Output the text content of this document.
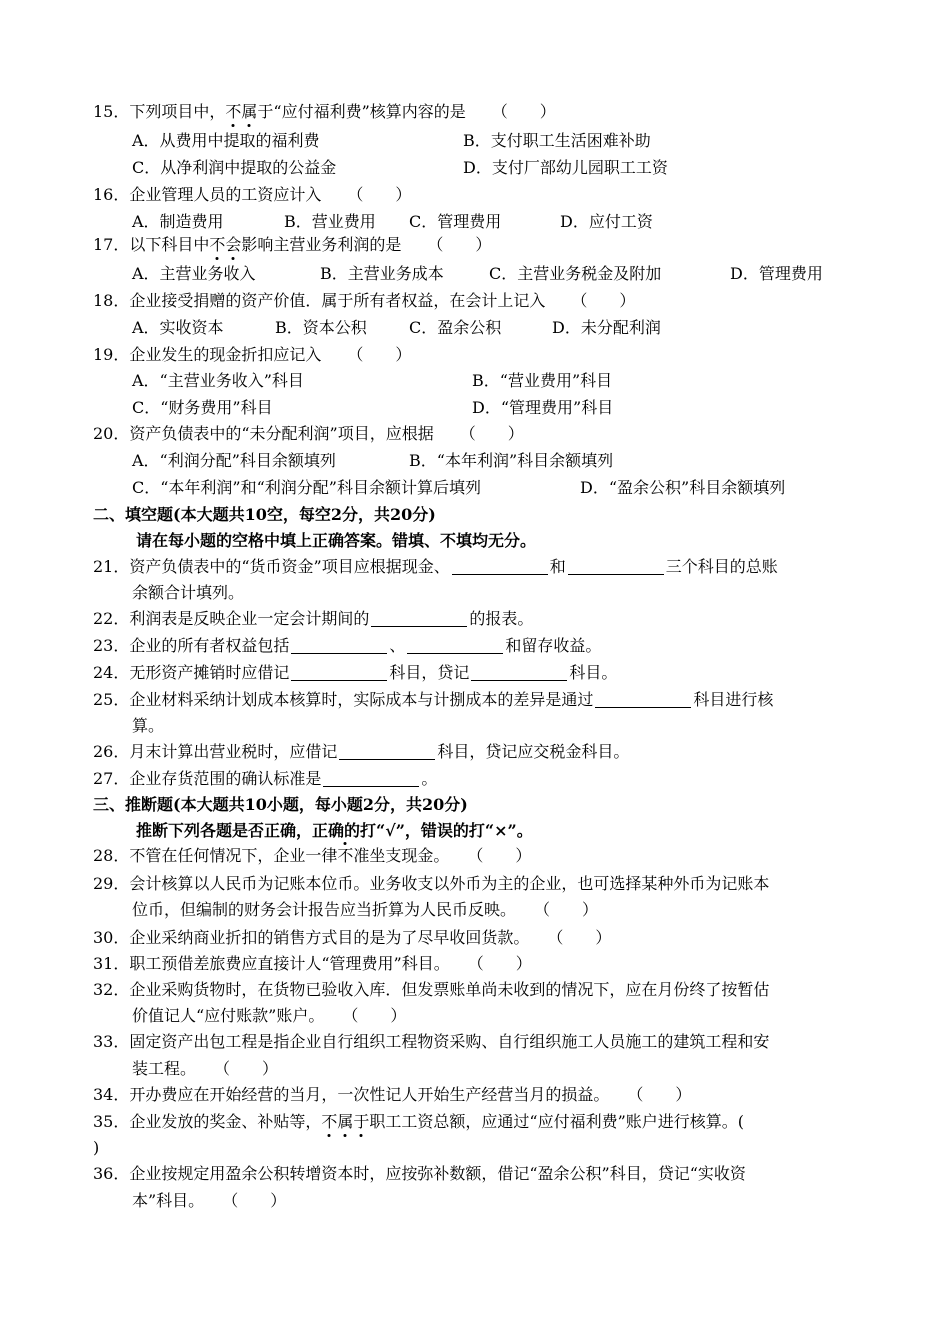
15．下列项目中，不属于“应付福利费”核算内容的是 （　　）
A．从费用中提取的福利费	B．支付职工生活困难补助
C．从净利润中提取的公益金	D．支付厂部幼儿园职工工资
16．企业管理人员的工资应计入 （　　）
A．制造费用	B．营业费用 C．管理费用	D．应付工资
17．以下科目中不会影响主营业务利润的是 （　　）
A．主营业务收入	B．主营业务成本	C．主营业务税金及附加	D．管理费用
18．企业接受捐赠的资产价值．属于所有者权益，在会计上记入 （　　）
A．实收资本	B．资本公积	C．盈余公积	D．未分配利润
19．企业发生的现金折扣应记入 （　　）
A．“主营业务收入”科目	B．“营业费用”科目
C．“财务费用”科目	D．“管理费用”科目
20．资产负债表中的“未分配利润”项目，应根据 （　　）
A．“利润分配”科目余额填列	B．“本年利润”科目余额填列
C．“本年利润”和“利润分配”科目余额计算后填列	D．“盈余公积”科目余额填列
二、填空题(本大题共10空，每空2分，共20分)
请在每小题的空格中填上正确答案。错填、不填均无分。
21．资产负债表中的“货币资金”项目应根据现金、	和	三个科目的总账
余额合计填列。
22．利润表是反映企业一定会计期间的	的报表。
23．企业的所有者权益包括	、	和留存收益。
24．无形资产摊销时应借记	科目，贷记	科目。
25．企业材料采纳计划成本核算时，实际成本与计捌成本的差异是通过	科目进行核
算。
26．月末计算出营业税时，应借记	科目，贷记应交税金科目。
27．企业存货范围的确认标准是	。
三、推断题(本大题共10小题，每小题2分，共20分)
推断下列各题是否正确，正确的打“√”，错误的打“×”。
28．不管在任何情况下，企业一律不准坐支现金。 （　　）
29．会计核算以人民币为记账本位币。业务收支以外币为主的企业，也可选择某种外币为记账本
位币，但编制的财务会计报告应当折算为人民币反映。 （　　）
30．企业采纳商业折扣的销售方式目的是为了尽早收回货款。 （　　）
31．职工预借差旅费应直接计人“管理费用”科目。 （　　）
32．企业采购货物时，在货物已验收入库．但发票账单尚未收到的情况下，应在月份终了按暂估
价值记人“应付账款”账户。 （　　）
33．固定资产出包工程是指企业自行组织工程物资采购、自行组织施工人员施工的建筑工程和安
装工程。 （　　）
34．开办费应在开始经营的当月，一次性记人开始生产经营当月的损益。 （　　）
35．企业发放的奖金、补贴等，不属于职工工资总额，应通过“应付福利费”账户进行核算。(
)
36．企业按规定用盈余公积转增资本时，应按弥补数额，借记“盈余公积”科目，贷记“实收资
本”科目。 （　　）
